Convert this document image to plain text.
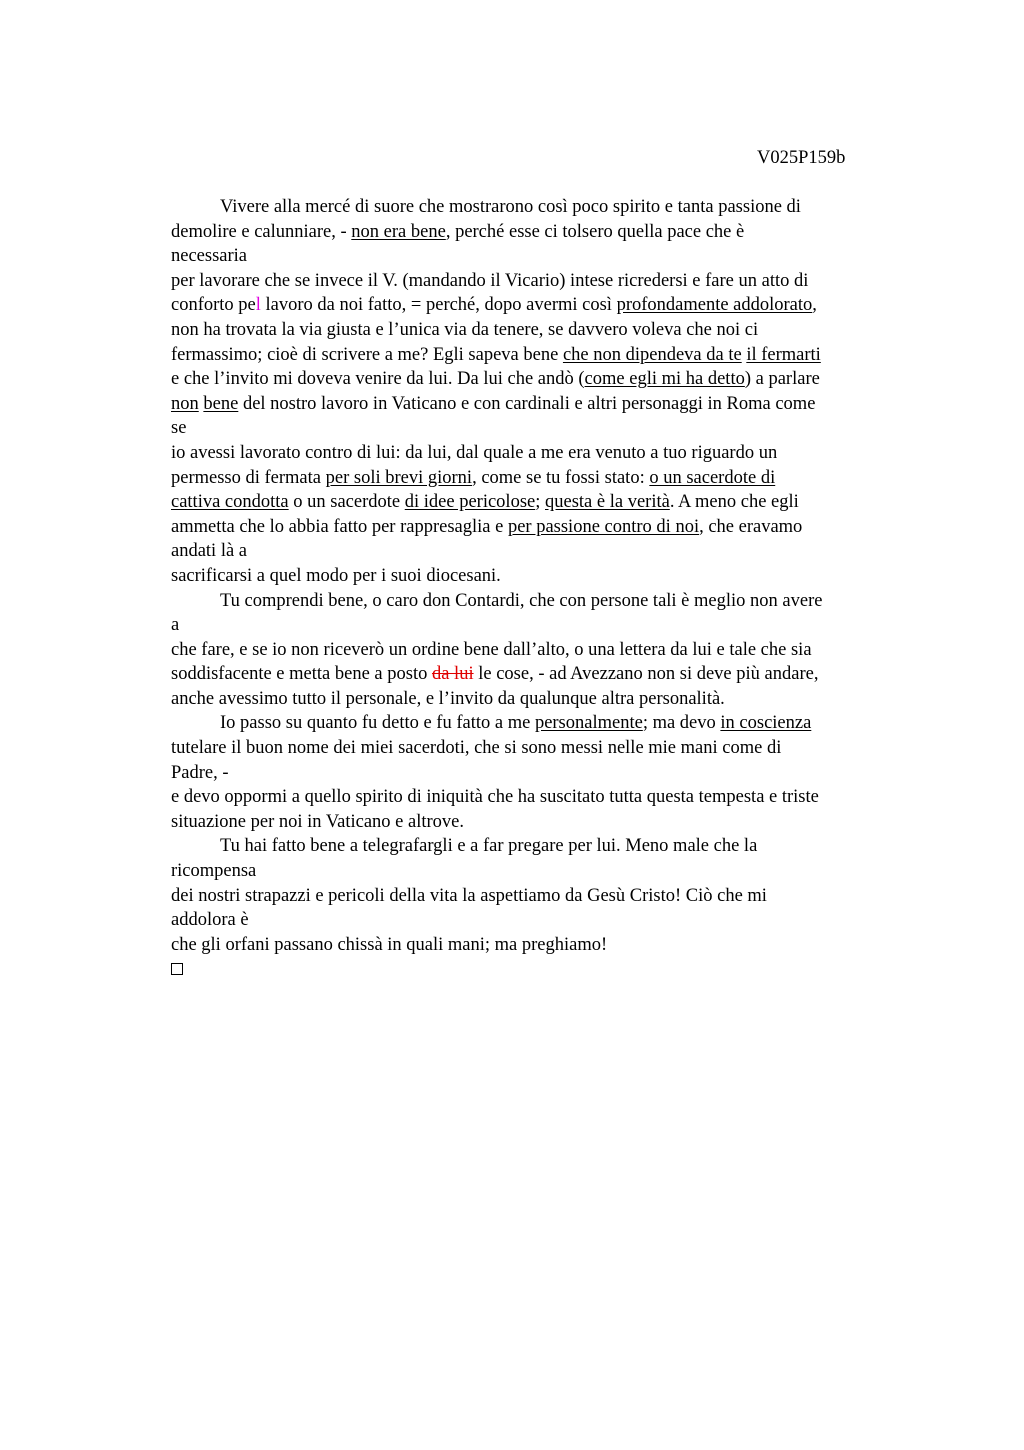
V025P159b
Vivere alla mercé di suore che mostrarono così poco spirito e tanta passione di
demolire e calunniare, - non era bene, perché esse ci tolsero quella pace che è
necessaria
per lavorare che se invece il V. (mandando il Vicario) intese ricredersi e fare un atto di
conforto pel lavoro da noi fatto, = perché, dopo avermi così profondamente addolorato,
non ha trovata la via giusta e l’unica via da tenere, se davvero voleva che noi ci
fermassimo; cioè di scrivere a me? Egli sapeva bene che non dipendeva da te il fermarti
e che l’invito mi doveva venire da lui. Da lui che andò (come egli mi ha detto) a parlare
non bene del nostro lavoro in Vaticano e con cardinali e altri personaggi in Roma come
se
io avessi lavorato contro di lui: da lui, dal quale a me era venuto a tuo riguardo un
permesso di fermata per soli brevi giorni, come se tu fossi stato: o un sacerdote di
cattiva condotta o un sacerdote di idee pericolose; questa è la verità. A meno che egli
ammetta che lo abbia fatto per rappresaglia e per passione contro di noi, che eravamo
andati là a
sacrificarsi a quel modo per i suoi diocesani.
Tu comprendi bene, o caro don Contardi, che con persone tali è meglio non avere
a
che fare, e se io non riceverò un ordine bene dall’alto, o una lettera da lui e tale che sia
soddisfacente e metta bene a posto da lui le cose, - ad Avezzano non si deve più andare,
anche avessimo tutto il personale, e l’invito da qualunque altra personalità.
Io passo su quanto fu detto e fu fatto a me personalmente; ma devo in coscienza
tutelare il buon nome dei miei sacerdoti, che si sono messi nelle mie mani come di
Padre, -
e devo oppormi a quello spirito di iniquità che ha suscitato tutta questa tempesta e triste
situazione per noi in Vaticano e altrove.
Tu hai fatto bene a telegrafargli e a far pregare per lui. Meno male che la
ricompensa
dei nostri strapazzi e pericoli della vita la aspettiamo da Gesù Cristo! Ciò che mi
addolora è
che gli orfani passano chissà in quali mani; ma preghiamo!
